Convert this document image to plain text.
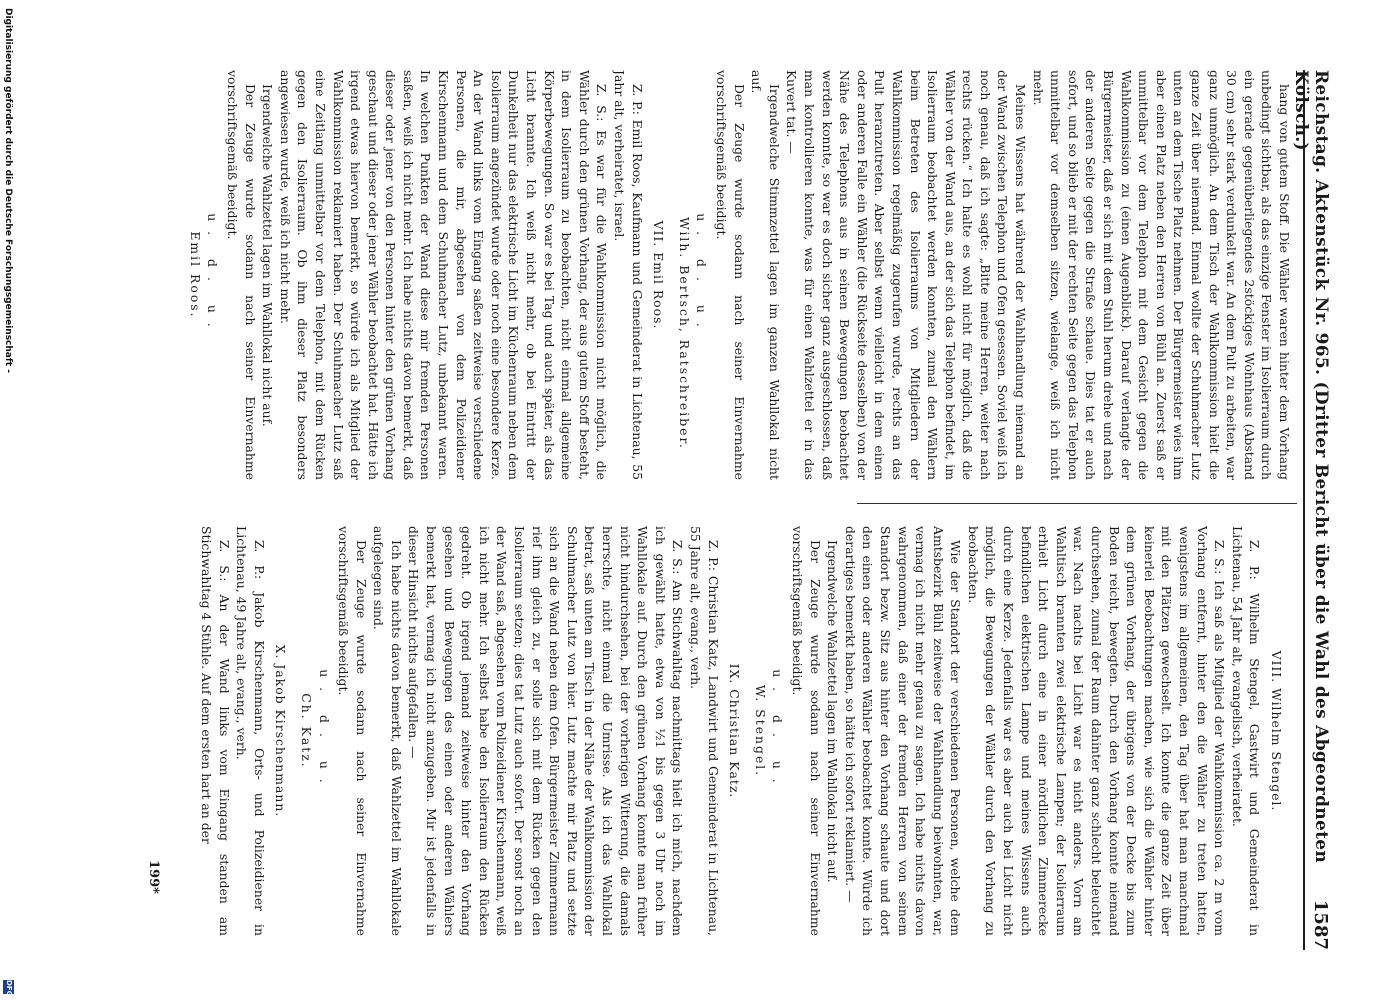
Reichstag. Aktenstück Nr. 965. (Dritter Bericht über die Wahl des Abgeordneten Kölsch.)
1587

hang von gutem Stoff. Die Wähler waren hinter dem Vorhang unbedingt sichtbar, als das einzige Fenster im Isolierraum durch ein gerade gegenüberliegendes 2stöckiges Wohnhaus (Abstand 30 cm) sehr stark verdunkelt war. An dem Pult zu arbeiten, war ganz unmöglich. An dem Tisch der Wahlkommission hielt die ganze Zeit über niemand. Einmal wollte der Schuhmacher Lutz unten an dem Tische Platz nehmen. Der Bürgermeister wies ihm aber einen Platz neben den Herren von Bühl an. Zuerst saß er unmittelbar vor dem Telephon mit dem Gesicht gegen die Wahlkommission zu (einen Augenblick). Darauf verlangte der Bürgermeister, daß er sich mit dem Stuhl herum drehe und nach der anderen Seite gegen die Straße schaue. Dies tat er auch sofort, und so blieb er mit der rechten Seite gegen das Telephon unmittelbar vor demselben sitzen, wielange, weiß ich nicht mehr.

Meines Wissens hat während der Wahlhandlung niemand an der Wand zwischen Telephon und Ofen gesessen. Soviel weiß ich noch genau, daß ich sagte: „Bitte meine Herren, weiter nach rechts rücken.“ Ich halte es wohl nicht für möglich, daß die Wähler von der Wand aus, an der sich das Telephon befindet, im Isolierraum beobachtet werden konnten, zumal den Wählern beim Betreten des Isolierraums von Mitgliedern der Wahlkommission regelmäßig zugerufen wurde, rechts an das Pult heranzutreten. Aber selbst wenn vielleicht in dem einen oder anderen Falle ein Wähler (die Rückseite desselben) von der Nähe des Telephons aus in seinen Bewegungen beobachtet werden konnte, so war es doch sicher ganz ausgeschlossen, daß man kontrollieren konnte, was für einen Wahlzettel er in das Kuvert tat. —

Irgendwelche Stimmzettel lagen im ganzen Wahllokal nicht auf.

Der Zeuge wurde sodann nach seiner Einvernahme vorschriftsgemäß beeidigt.

u. d. u.

Wilh. Bertsch, Ratschreiber.

VII. Emil Roos.

Z. P.: Emil Roos, Kaufmann und Gemeinderat in Lichtenau, 55 Jahr alt, verheiratet, israel.

Z. S.: Es war für die Wahlkommission nicht möglich, die Wähler durch den grünen Vorhang, der aus gutem Stoff besteht, in dem Isolierraum zu beobachten, nicht einmal allgemeine Körperbewegungen. So war es bei Tag und auch später, als das Licht brannte. Ich weiß nicht mehr, ob bei Eintritt der Dunkelheit nur das elektrische Licht im Küchenraum neben dem Isolierraum angezündet wurde oder noch eine besondere Kerze. An der Wand links vom Eingang saßen zeitweise verschiedene Personen, die mir, abgesehen von dem Polizeidiener Kirschenmann und dem Schuhmacher Lutz, unbekannt waren. In welchen Punkten der Wand diese mir fremden Personen saßen, weiß ich nicht mehr. Ich habe nichts davon bemerkt, daß dieser oder jener von den Personen hinter den grünen Vorhang geschaut und dieser oder jener Wähler beobachtet hat. Hätte ich irgend etwas hiervon bemerkt, so würde ich als Mitglied der Wahlkommission reklamiert haben. Der Schuhmacher Lutz saß eine Zeitlang unmittelbar vor dem Telephon, mit dem Rücken gegen den Isolierraum. Ob ihm dieser Platz besonders angewiesen wurde, weiß ich nicht mehr.

Irgendwelche Wahlzettel lagen im Wahllokal nicht auf.

Der Zeuge wurde sodann nach seiner Einvernahme vorschriftsgemäß beeidigt.

u. d. u.

Emil Roos.

VIII. Wilhelm Stengel.

Z. P.: Wilhelm Stengel, Gastwirt und Gemeinderat in Lichtenau, 54 Jahr alt, evangelisch, verheiratet.

Z. S.: Ich saß als Mitglied der Wahlkommission ca. 2 m vom Vorhang entfernt, hinter den die Wähler zu treten hatten, wenigstens im allgemeinen, den Tag über hat man manchmal mit den Plätzen gewechselt. Ich konnte die ganze Zeit über keinerlei Beobachtungen machen, wie sich die Wähler hinter dem grünen Vorhang, der übrigens von der Decke bis zum Boden reicht, bewegten. Durch den Vorhang konnte niemand durchsehen, zumal der Raum dahinter ganz schlecht beleuchtet war. Nach nachts bei Licht war es nicht anders. Vorn am Wahltisch brannten zwei elektrische Lampen; der Isolierraum erhielt Licht durch eine in einer nördlichen Zimmerecke befindlichen elektrischen Lampe und meines Wissens auch durch eine Kerze. Jedenfalls war es aber auch bei Licht nicht möglich, die Bewegungen der Wähler durch den Vorhang zu beobachten.

Wie der Standort der verschiedenen Personen, welche dem Amtsbezirk Bühl zeitweise der Wahlhandlung beiwohnten, war, vermag ich nicht mehr genau zu sagen. Ich habe nichts davon wahrgenommen, daß einer der fremden Herren von seinem Standort bezw. Sitz aus hinter den Vorhang schaute und dort den einen oder anderen Wähler beobachtet konnte. Würde ich derartiges bemerkt haben, so hätte ich sofort reklamiert. —

Irgendwelche Wahlzettel lagen im Wahllokal nicht auf.

Der Zeuge wurde sodann nach seiner Einvernahme vorschriftsgemäß beeidigt.

u. d. u.

W. Stengel.

IX. Christian Katz.

Z. P.: Christian Katz, Landwirt und Gemeinderat in Lichtenau, 55 Jahre alt, evang., verh.

Z. S.: Am Stichwahltag nachmittags hielt ich mich, nachdem ich gewählt hatte, etwa von ½1 bis gegen 3 Uhr noch im Wahllokale auf. Durch den grünen Vorhang konnte man früher nicht hindurchsehen, bei der vorherigen Witterung, die damals herrschte, nicht einmal die Umrisse. Als ich das Wahllokal betrat, saß unten am Tisch in der Nähe der Wahlkommission der Schuhmacher Lutz von hier. Lutz machte mir Platz und setzte sich an die Wand neben dem Ofen. Bürgermeister Zimmermann rief ihm gleich zu, er solle sich mit dem Rücken gegen den Isolierraum setzen; dies tat Lutz auch sofort. Der sonst noch an der Wand saß, abgesehen vom Polizeidiener Kirschenmann, weiß ich nicht mehr. Ich selbst habe den Isolierraum den Rücken gedreht. Ob irgend jemand zeitweise hinter den Vorhang gesehen und Bewegungen des einen oder anderen Wählers bemerkt hat, vermag ich nicht anzugeben. Mir ist jedenfalls in dieser Hinsicht nichts aufgefallen. —

Ich habe nichts davon bemerkt, daß Wahlzettel im Wahllokale aufgelegen sind.

Der Zeuge wurde sodann nach seiner Einvernahme vorschriftsgemäß beeidigt.

u. d. u.

Ch. Katz.

X. Jakob Kirschenmann.

Z. P.: Jakob Kirschenmann, Orts- und Polizeidiener in Lichtenau, 49 Jahre alt, evang., verh.

Z. S.: An der Wand links vom Eingang standen am Stichwahltag 4 Stühle. Auf dem ersten hart an der

199*
Digitalisierung gefördert durch die Deutsche Forschungsgemeinschaft -
DFG
